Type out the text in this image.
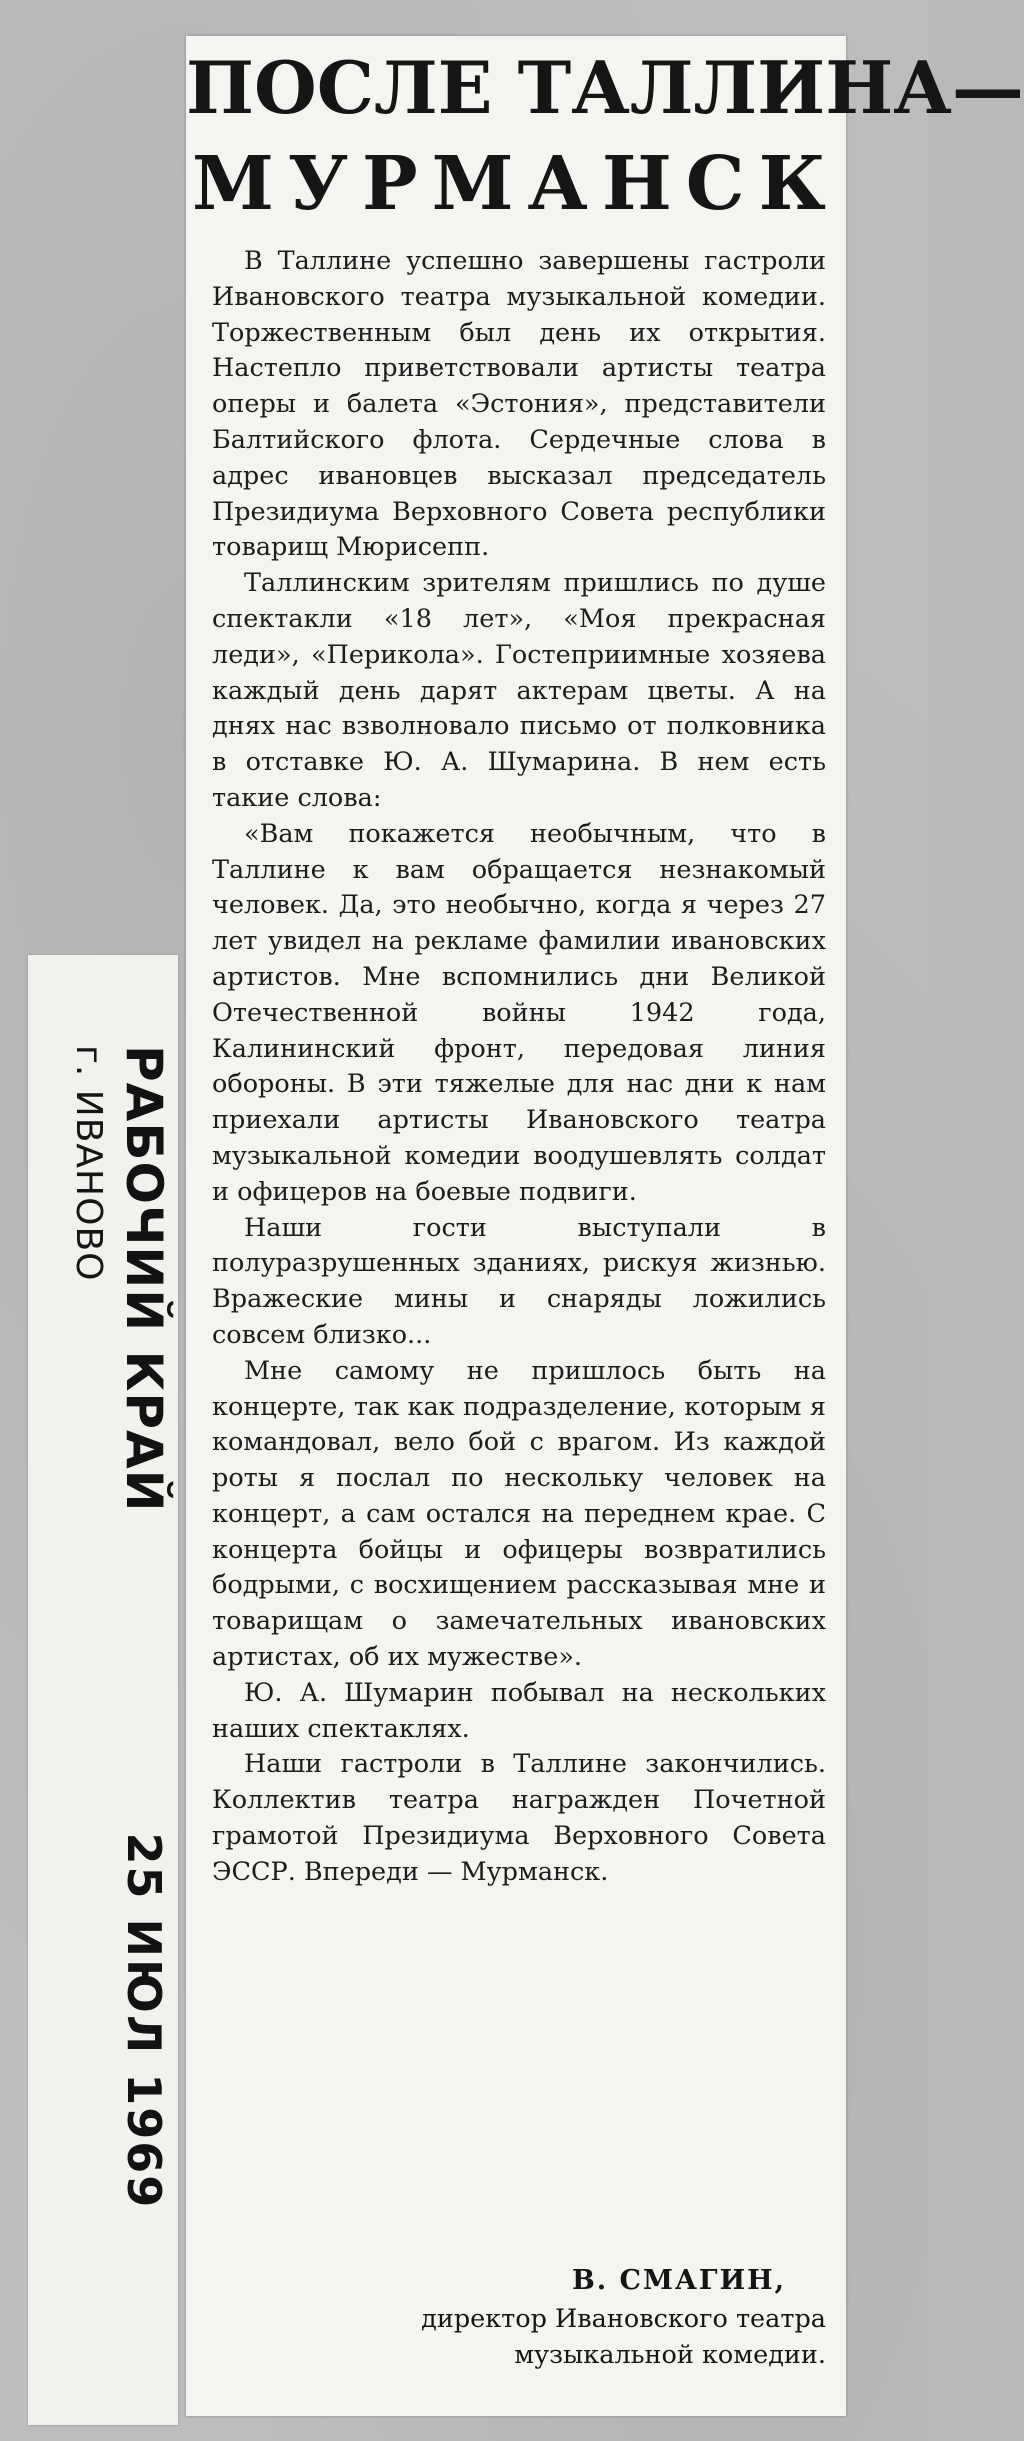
РАБОЧИЙ КРАЙ
25 ИЮЛ 1969
г. ИВАНОВО
ПОСЛЕ ТАЛЛИНА—
МУРМАНСК

В Таллине успешно завершены гастроли Ивановского театра музыкальной комедии. Торжественным был день их открытия. Настепло приветствовали артисты театра оперы и балета «Эстония», представители Балтийского флота. Сердечные слова в адрес ивановцев высказал председатель Президиума Верховного Совета республики товарищ Мюрисепп.

Таллинским зрителям пришлись по душе спектакли «18 лет», «Моя прекрасная леди», «Перикола». Гостеприимные хозяева каждый день дарят актерам цветы. А на днях нас взволновало письмо от полковника в отставке Ю. А. Шумарина. В нем есть такие слова:

«Вам покажется необычным, что в Таллине к вам обращается незнакомый человек. Да, это необычно, когда я через 27 лет увидел на рекламе фамилии ивановских артистов. Мне вспомнились дни Великой Отечественной войны 1942 года, Калининский фронт, передовая линия обороны. В эти тяжелые для нас дни к нам приехали артисты Ивановского театра музыкальной комедии воодушевлять солдат и офицеров на боевые подвиги.

Наши гости выступали в полуразрушенных зданиях, рискуя жизнью. Вражеские мины и снаряды ложились совсем близко...

Мне самому не пришлось быть на концерте, так как подразделение, которым я командовал, вело бой с врагом. Из каждой роты я послал по нескольку человек на концерт, а сам остался на переднем крае. С концерта бойцы и офицеры возвратились бодрыми, с восхищением рассказывая мне и товарищам о замечательных ивановских артистах, об их мужестве».

Ю. А. Шумарин побывал на нескольких наших спектаклях.

Наши гастроли в Таллине закончились. Коллектив театра награжден Почетной грамотой Президиума Верховного Совета ЭССР. Впереди — Мурманск.

В. СМАГИН,
директор Ивановского театра
музыкальной комедии.
